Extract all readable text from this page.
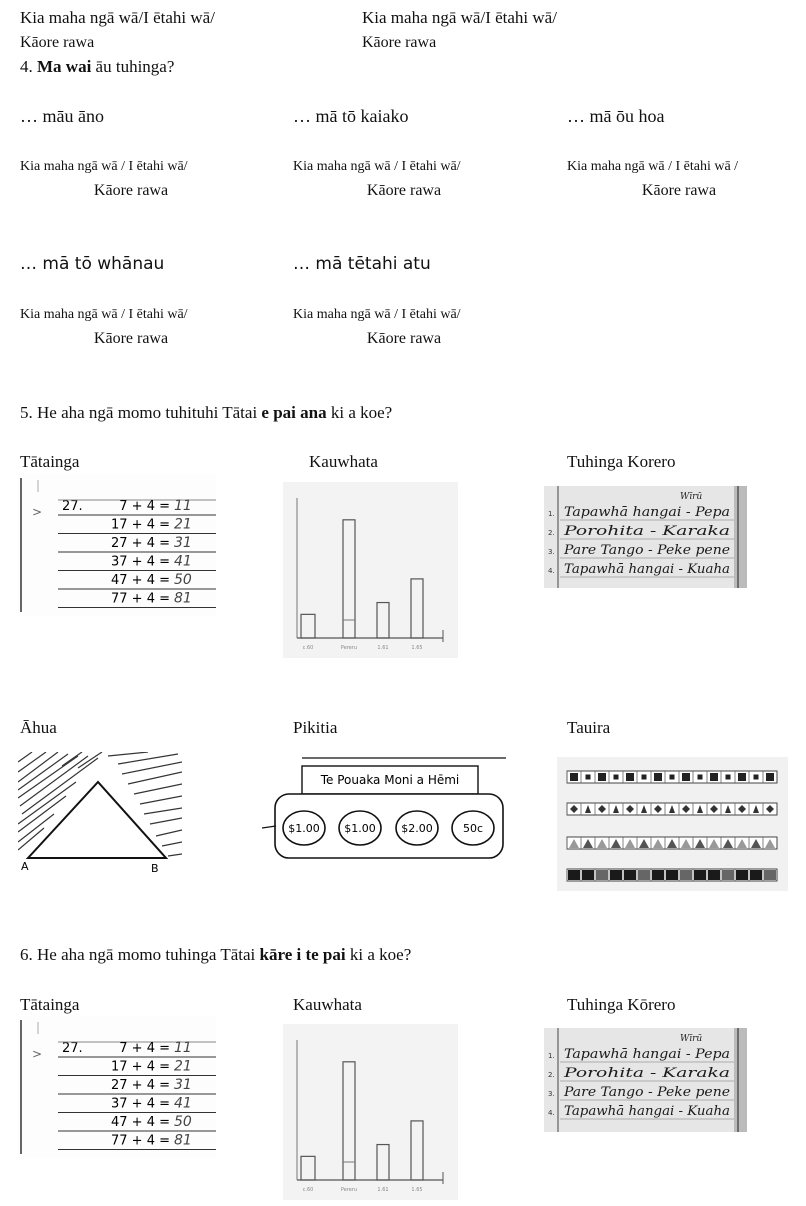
Kia maha ngā wā/I ētahi wā/
Kāore rawa
Kia maha ngā wā/I ētahi wā/
Kāore rawa
4. Ma wai āu tuhinga?
… māu āno	… mā tō kaiako	… mā ōu hoa
Kia maha ngā wā / I ētahi wā/
Kāore rawa
Kia maha ngā wā / I ētahi wā/
Kāore rawa
Kia maha ngā wā / I ētahi wā /
Kāore rawa
… mā tō whānau	… mā tētahi atu
Kia maha ngā wā / I ētahi wā/
Kāore rawa
Kia maha ngā wā / I ētahi wā/
Kāore rawa
5. He aha ngā momo tuhituhi Tātai e pai ana ki a koe?
Tātainga	Kauwhata	Tuhinga Korero
27.
>	7 + 4 = 11
17 + 4 = 21
27 + 4 = 31
37 + 4 = 41
47 + 4 = 50
77 + 4 = 81
c.60	Pereru	1.61	1.65
Wīrū
1. Tapawhā hangai - Pepa
2. Porohita - Karaka
3. Pare Tango - Peke pene
4. Tapawhā hangai - Kuaha
Āhua	Pikitia	Tauira
A	B
Te Pouaka Moni a Hēmi
$1.00 $1.00 $2.00	50c
6. He aha ngā momo tuhinga Tātai kāre i te pai ki a koe?
Tātainga	Kauwhata	Tuhinga Kōrero
27.
>	7 + 4 = 11
17 + 4 = 21
27 + 4 = 31
37 + 4 = 41
47 + 4 = 50
77 + 4 = 81
c.60	Pereru	1.61	1.65
Wīrū
1. Tapawhā hangai - Pepa
2. Porohita - Karaka
3. Pare Tango - Peke pene
4. Tapawhā hangai - Kuaha
